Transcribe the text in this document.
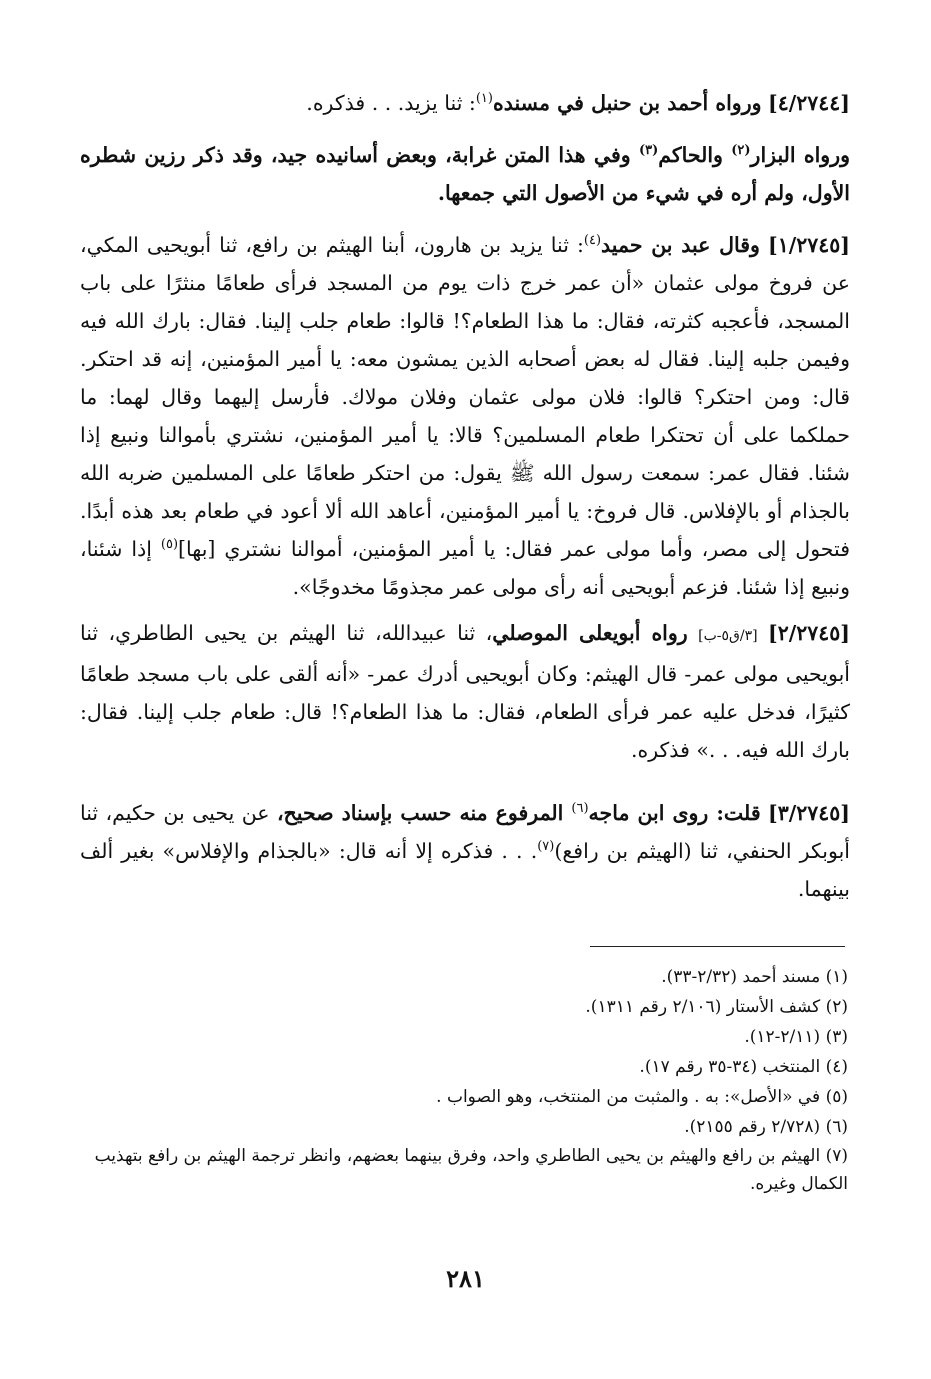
[٤/٢٧٤٤] ورواه أحمد بن حنبل في مسنده$^{(١)}$: ثنا يزيد. . . فذكره.

ورواه البزار$^{(٢)}$ والحاكم$^{(٣)}$ وفي هذا المتن غرابة، وبعض أسانيده جيد، وقد ذكر رزين شطره الأول، ولم أره في شيء من الأصول التي جمعها.

[١/٢٧٤٥] وقال عبد بن حميد$^{(٤)}$: ثنا يزيد بن هارون، أبنا الهيثم بن رافع، ثنا أبويحيى المكي، عن فروخ مولى عثمان «أن عمر خرج ذات يوم من المسجد فرأى طعامًا منثرًا على باب المسجد، فأعجبه كثرته، فقال: ما هذا الطعام؟! قالوا: طعام جلب إلينا. فقال: بارك الله فيه وفيمن جلبه إلينا. فقال له بعض أصحابه الذين يمشون معه: يا أمير المؤمنين، إنه قد احتكر. قال: ومن احتكر؟ قالوا: فلان مولى عثمان وفلان مولاك. فأرسل إليهما وقال لهما: ما حملكما على أن تحتكرا طعام المسلمين؟ قالا: يا أمير المؤمنين، نشتري بأموالنا ونبيع إذا شئنا. فقال عمر: سمعت رسول الله ﷺ يقول: من احتكر طعامًا على المسلمين ضربه الله بالجذام أو بالإفلاس. قال فروخ: يا أمير المؤمنين، أعاهد الله ألا أعود في طعام بعد هذه أبدًا. فتحول إلى مصر، وأما مولى عمر فقال: يا أمير المؤمنين، أموالنا نشتري [بها]$^{(٥)}$ إذا شئنا، ونبيع إذا شئنا. فزعم أبويحيى أنه رأى مولى عمر مجذومًا مخدوجًا».

[٢/٢٧٤٥] [٣/ق٥-ب] رواه أبويعلى الموصلي، ثنا عبيدالله، ثنا الهيثم بن يحيى الطاطري، ثنا أبويحيى مولى عمر- قال الهيثم: وكان أبويحيى أدرك عمر- «أنه ألقى على باب مسجد طعامًا كثيرًا، فدخل عليه عمر فرأى الطعام، فقال: ما هذا الطعام؟! قال: طعام جلب إلينا. فقال: بارك الله فيه. . .» فذكره.

[٣/٢٧٤٥] قلت: روى ابن ماجه$^{(٦)}$ المرفوع منه حسب بإسناد صحيح، عن يحيى بن حكيم، ثنا أبوبكر الحنفي، ثنا (الهيثم بن رافع)$^{(٧)}$. . . فذكره إلا أنه قال: «بالجذام والإفلاس» بغير ألف بينهما.

(١) مسند أحمد (٢/٣٢-٣٣).

(٢) كشف الأستار (٢/١٠٦ رقم ١٣١١).

(٣) (٢/١١-١٢).

(٤) المنتخب (٣٤-٣٥ رقم ١٧).

(٥) في «الأصل»: به . والمثبت من المنتخب، وهو الصواب .

(٦) (٢/٧٢٨ رقم ٢١٥٥).

(٧) الهيثم بن رافع والهيثم بن يحيى الطاطري واحد، وفرق بينهما بعضهم، وانظر ترجمة الهيثم بن رافع بتهذيب الكمال وغيره.

٢٨١
